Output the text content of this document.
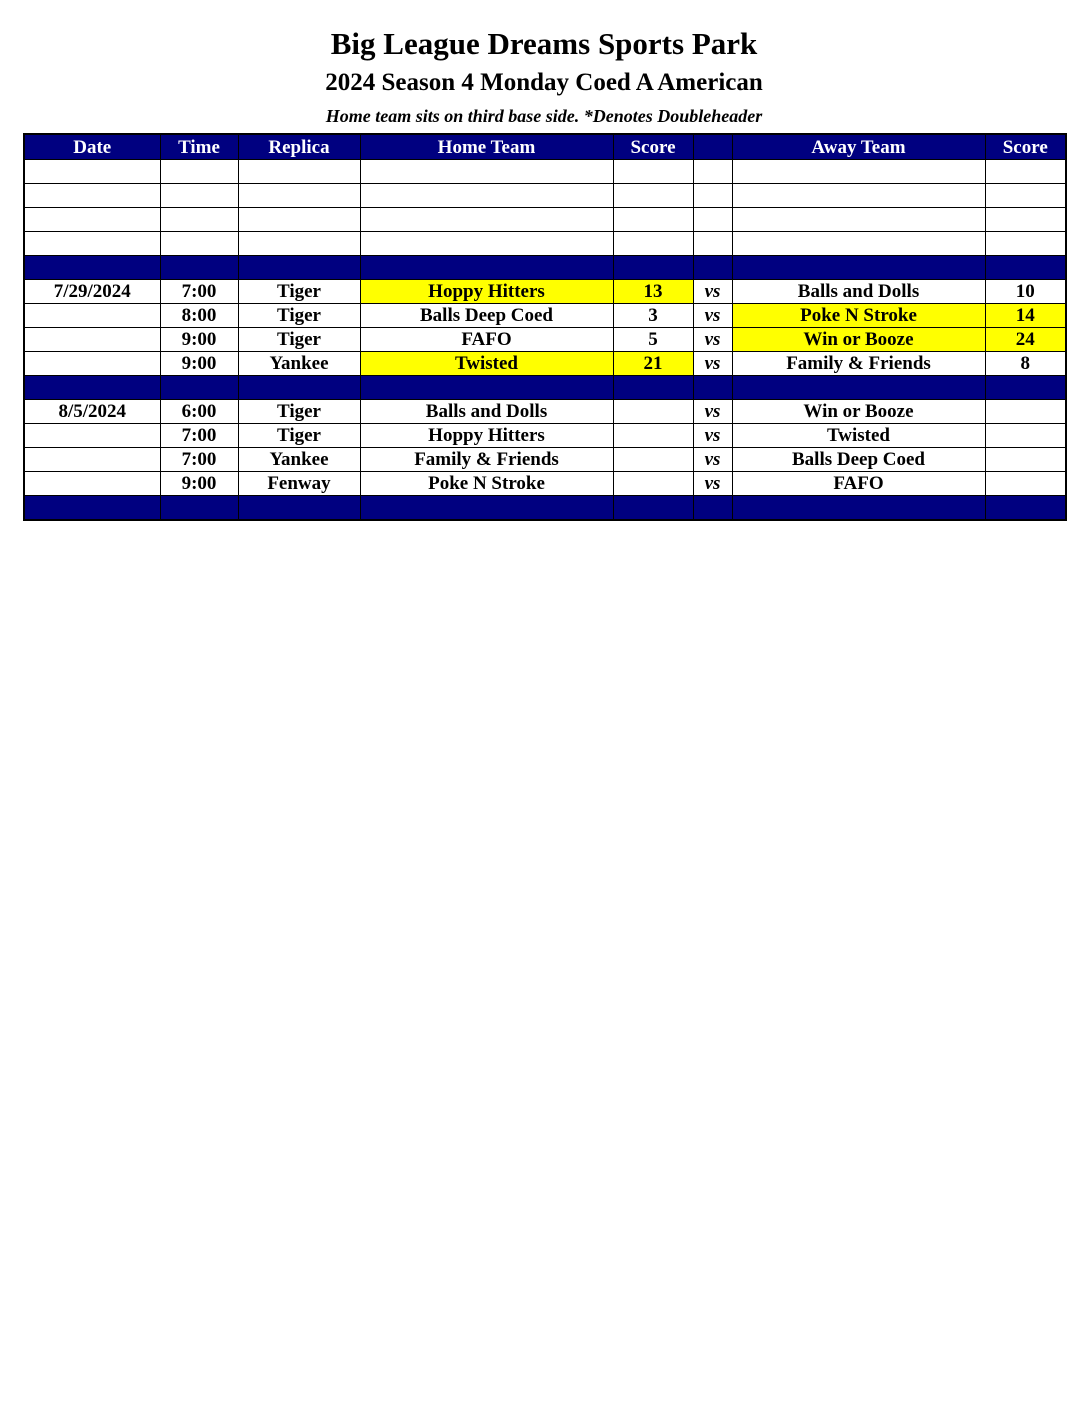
Big League Dreams Sports Park
2024 Season 4 Monday Coed A American
Home team sits on third base side. *Denotes Doubleheader
Date	Time	Replica	Home Team	Score		Away Team	Score

7/29/2024	7:00	Tiger	Hoppy Hitters	13	vs	Balls and Dolls	10
	8:00	Tiger	Balls Deep Coed	3	vs	Poke N Stroke	14
	9:00	Tiger	FAFO	5	vs	Win or Booze	24
	9:00	Yankee	Twisted	21	vs	Family & Friends	8

8/5/2024	6:00	Tiger	Balls and Dolls		vs	Win or Booze	
	7:00	Tiger	Hoppy Hitters		vs	Twisted	
	7:00	Yankee	Family & Friends		vs	Balls Deep Coed	
	9:00	Fenway	Poke N Stroke		vs	FAFO	
